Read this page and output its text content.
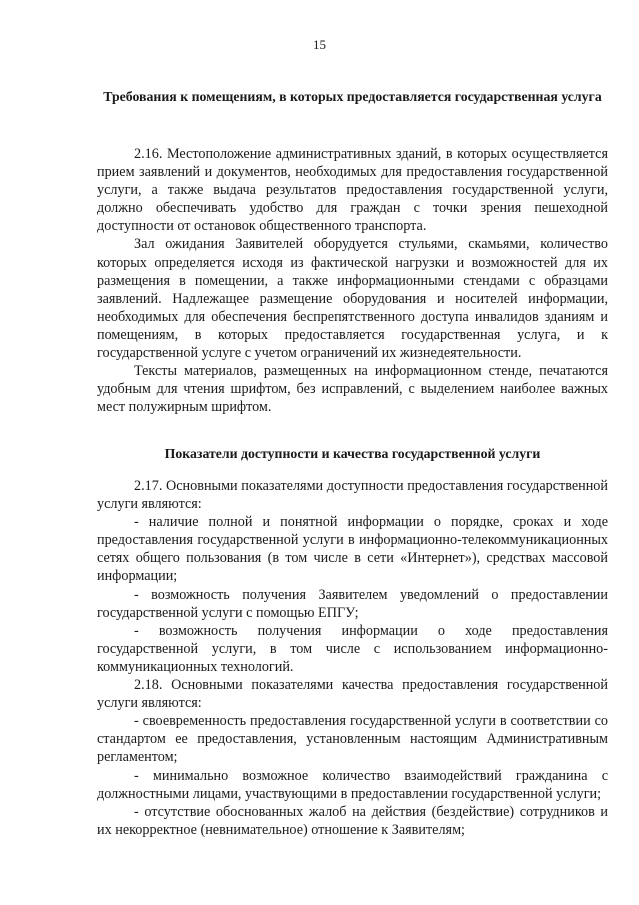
15
Требования к помещениям, в которых предоставляется государственная услуга

2.16. Местоположение административных зданий, в которых осуществляется прием заявлений и документов, необходимых для предоставления государственной услуги, а также выдача результатов предоставления государственной услуги, должно обеспечивать удобство для граждан с точки зрения пешеходной доступности от остановок общественного транспорта.

Зал ожидания Заявителей оборудуется стульями, скамьями, количество которых определяется исходя из фактической нагрузки и возможностей для их размещения в помещении, а также информационными стендами с образцами заявлений. Надлежащее размещение оборудования и носителей информации, необходимых для обеспечения беспрепятственного доступа инвалидов зданиям и помещениям, в которых предоставляется государственная услуга, и к государственной услуге с учетом ограничений их жизнедеятельности.

Тексты материалов, размещенных на информационном стенде, печатаются удобным для чтения шрифтом, без исправлений, с выделением наиболее важных мест полужирным шрифтом.

Показатели доступности и качества государственной услуги

2.17. Основными показателями доступности предоставления государственной услуги являются:

- наличие полной и понятной информации о порядке, сроках и ходе предоставления государственной услуги в информационно-телекоммуникационных сетях общего пользования (в том числе в сети «Интернет»), средствах массовой информации;

- возможность получения Заявителем уведомлений о предоставлении государственной услуги с помощью ЕПГУ;

- возможность получения информации о ходе предоставления государственной услуги, в том числе с использованием информационно-коммуникационных технологий.

2.18. Основными показателями качества предоставления государственной услуги являются:

- своевременность предоставления государственной услуги в соответствии со стандартом ее предоставления, установленным настоящим Административным регламентом;

- минимально возможное количество взаимодействий гражданина с должностными лицами, участвующими в предоставлении государственной услуги;

- отсутствие обоснованных жалоб на действия (бездействие) сотрудников и их некорректное (невнимательное) отношение к Заявителям;
